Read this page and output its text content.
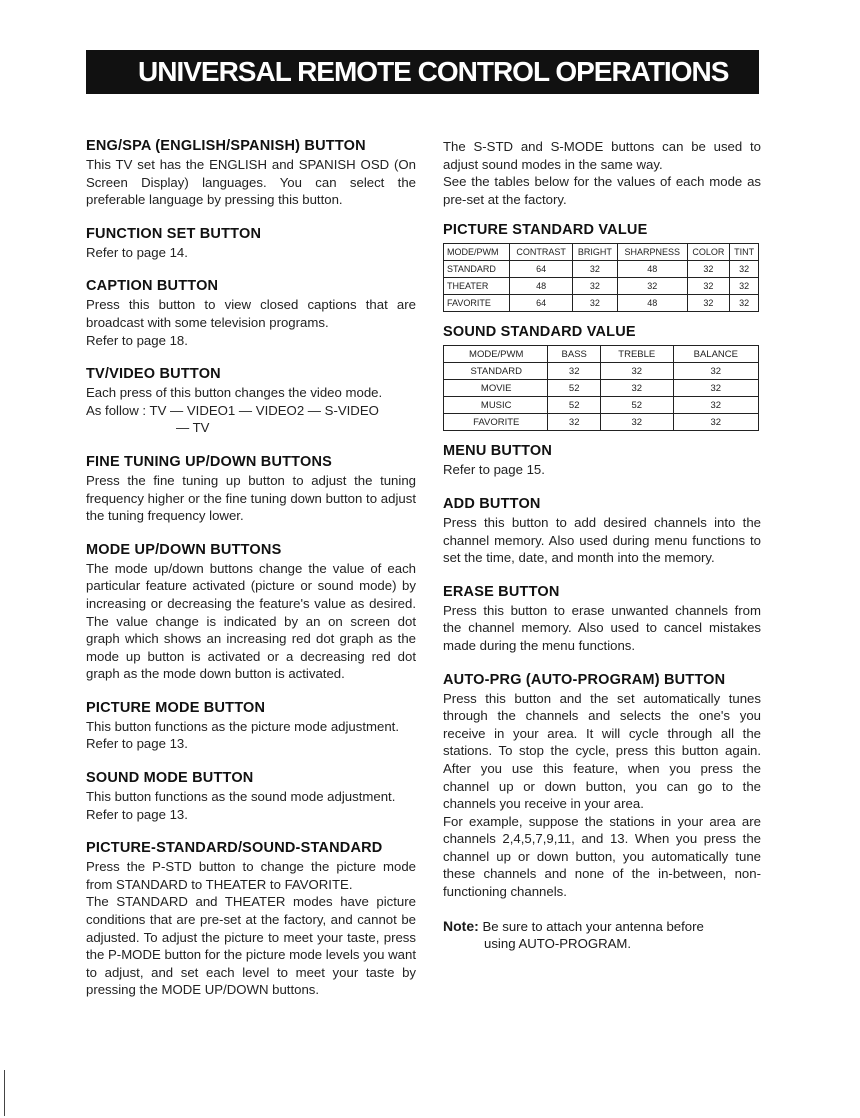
UNIVERSAL REMOTE CONTROL OPERATIONS
ENG/SPA (ENGLISH/SPANISH) BUTTON

This TV set has the ENGLISH and SPANISH OSD (On Screen Display) languages. You can select the preferable language by pressing this button.

FUNCTION SET BUTTON

Refer to page 14.

CAPTION BUTTON

Press this button to view closed captions that are broadcast with some television programs.

Refer to page 18.

TV/VIDEO BUTTON

Each press of this button changes the video mode.

As follow : TV — VIDEO1 — VIDEO2 — S-VIDEO

— TV

FINE TUNING UP/DOWN BUTTONS

Press the fine tuning up button to adjust the tuning frequency higher or the fine tuning down button to adjust the tuning frequency lower.

MODE UP/DOWN BUTTONS

The mode up/down buttons change the value of each particular feature activated (picture or sound mode) by increasing or decreasing the feature's value as desired. The value change is indicated by an on screen dot graph which shows an increasing red dot graph as the mode up button is activated or a decreasing red dot graph as the mode down button is activated.

PICTURE MODE BUTTON

This button functions as the picture mode adjustment.

Refer to page 13.

SOUND MODE BUTTON

This button functions as the sound mode adjustment.

Refer to page 13.

PICTURE-STANDARD/SOUND-STANDARD

Press the P-STD button to change the picture mode from STANDARD to THEATER to FAVORITE.

The STANDARD and THEATER modes have picture conditions that are pre-set at the factory, and cannot be adjusted. To adjust the picture to meet your taste, press the P-MODE button for the picture mode levels you want to adjust, and set each level to meet your taste by pressing the MODE UP/DOWN buttons.

The S-STD and S-MODE buttons can be used to adjust sound modes in the same way.

See the tables below for the values of each mode as pre-set at the factory.

PICTURE STANDARD VALUE
MODE/PWM	CONTRAST	BRIGHT	SHARPNESS	COLOR	TINT
STANDARD	64	32	48	32	32
THEATER	48	32	32	32	32
FAVORITE	64	32	48	32	32
SOUND STANDARD VALUE
MODE/PWM	BASS	TREBLE	BALANCE
STANDARD	32	32	32
MOVIE	52	32	32
MUSIC	52	52	32
FAVORITE	32	32	32
MENU BUTTON

Refer to page 15.

ADD BUTTON

Press this button to add desired channels into the channel memory. Also used during menu functions to set the time, date, and month into the memory.

ERASE BUTTON

Press this button to erase unwanted channels from the channel memory. Also used to cancel mistakes made during the menu functions.

AUTO-PRG (AUTO-PROGRAM) BUTTON

Press this button and the set automatically tunes through the channels and selects the one's you receive in your area. It will cycle through all the stations. To stop the cycle, press this button again. After you use this feature, when you press the channel up or down button, you can go to the channels you receive in your area.

For example, suppose the stations in your area are channels 2,4,5,7,9,11, and 13. When you press the channel up or down button, you automatically tune these channels and none of the in-between, non-functioning channels.

Note: Be sure to attach your antenna before
using AUTO-PROGRAM.
